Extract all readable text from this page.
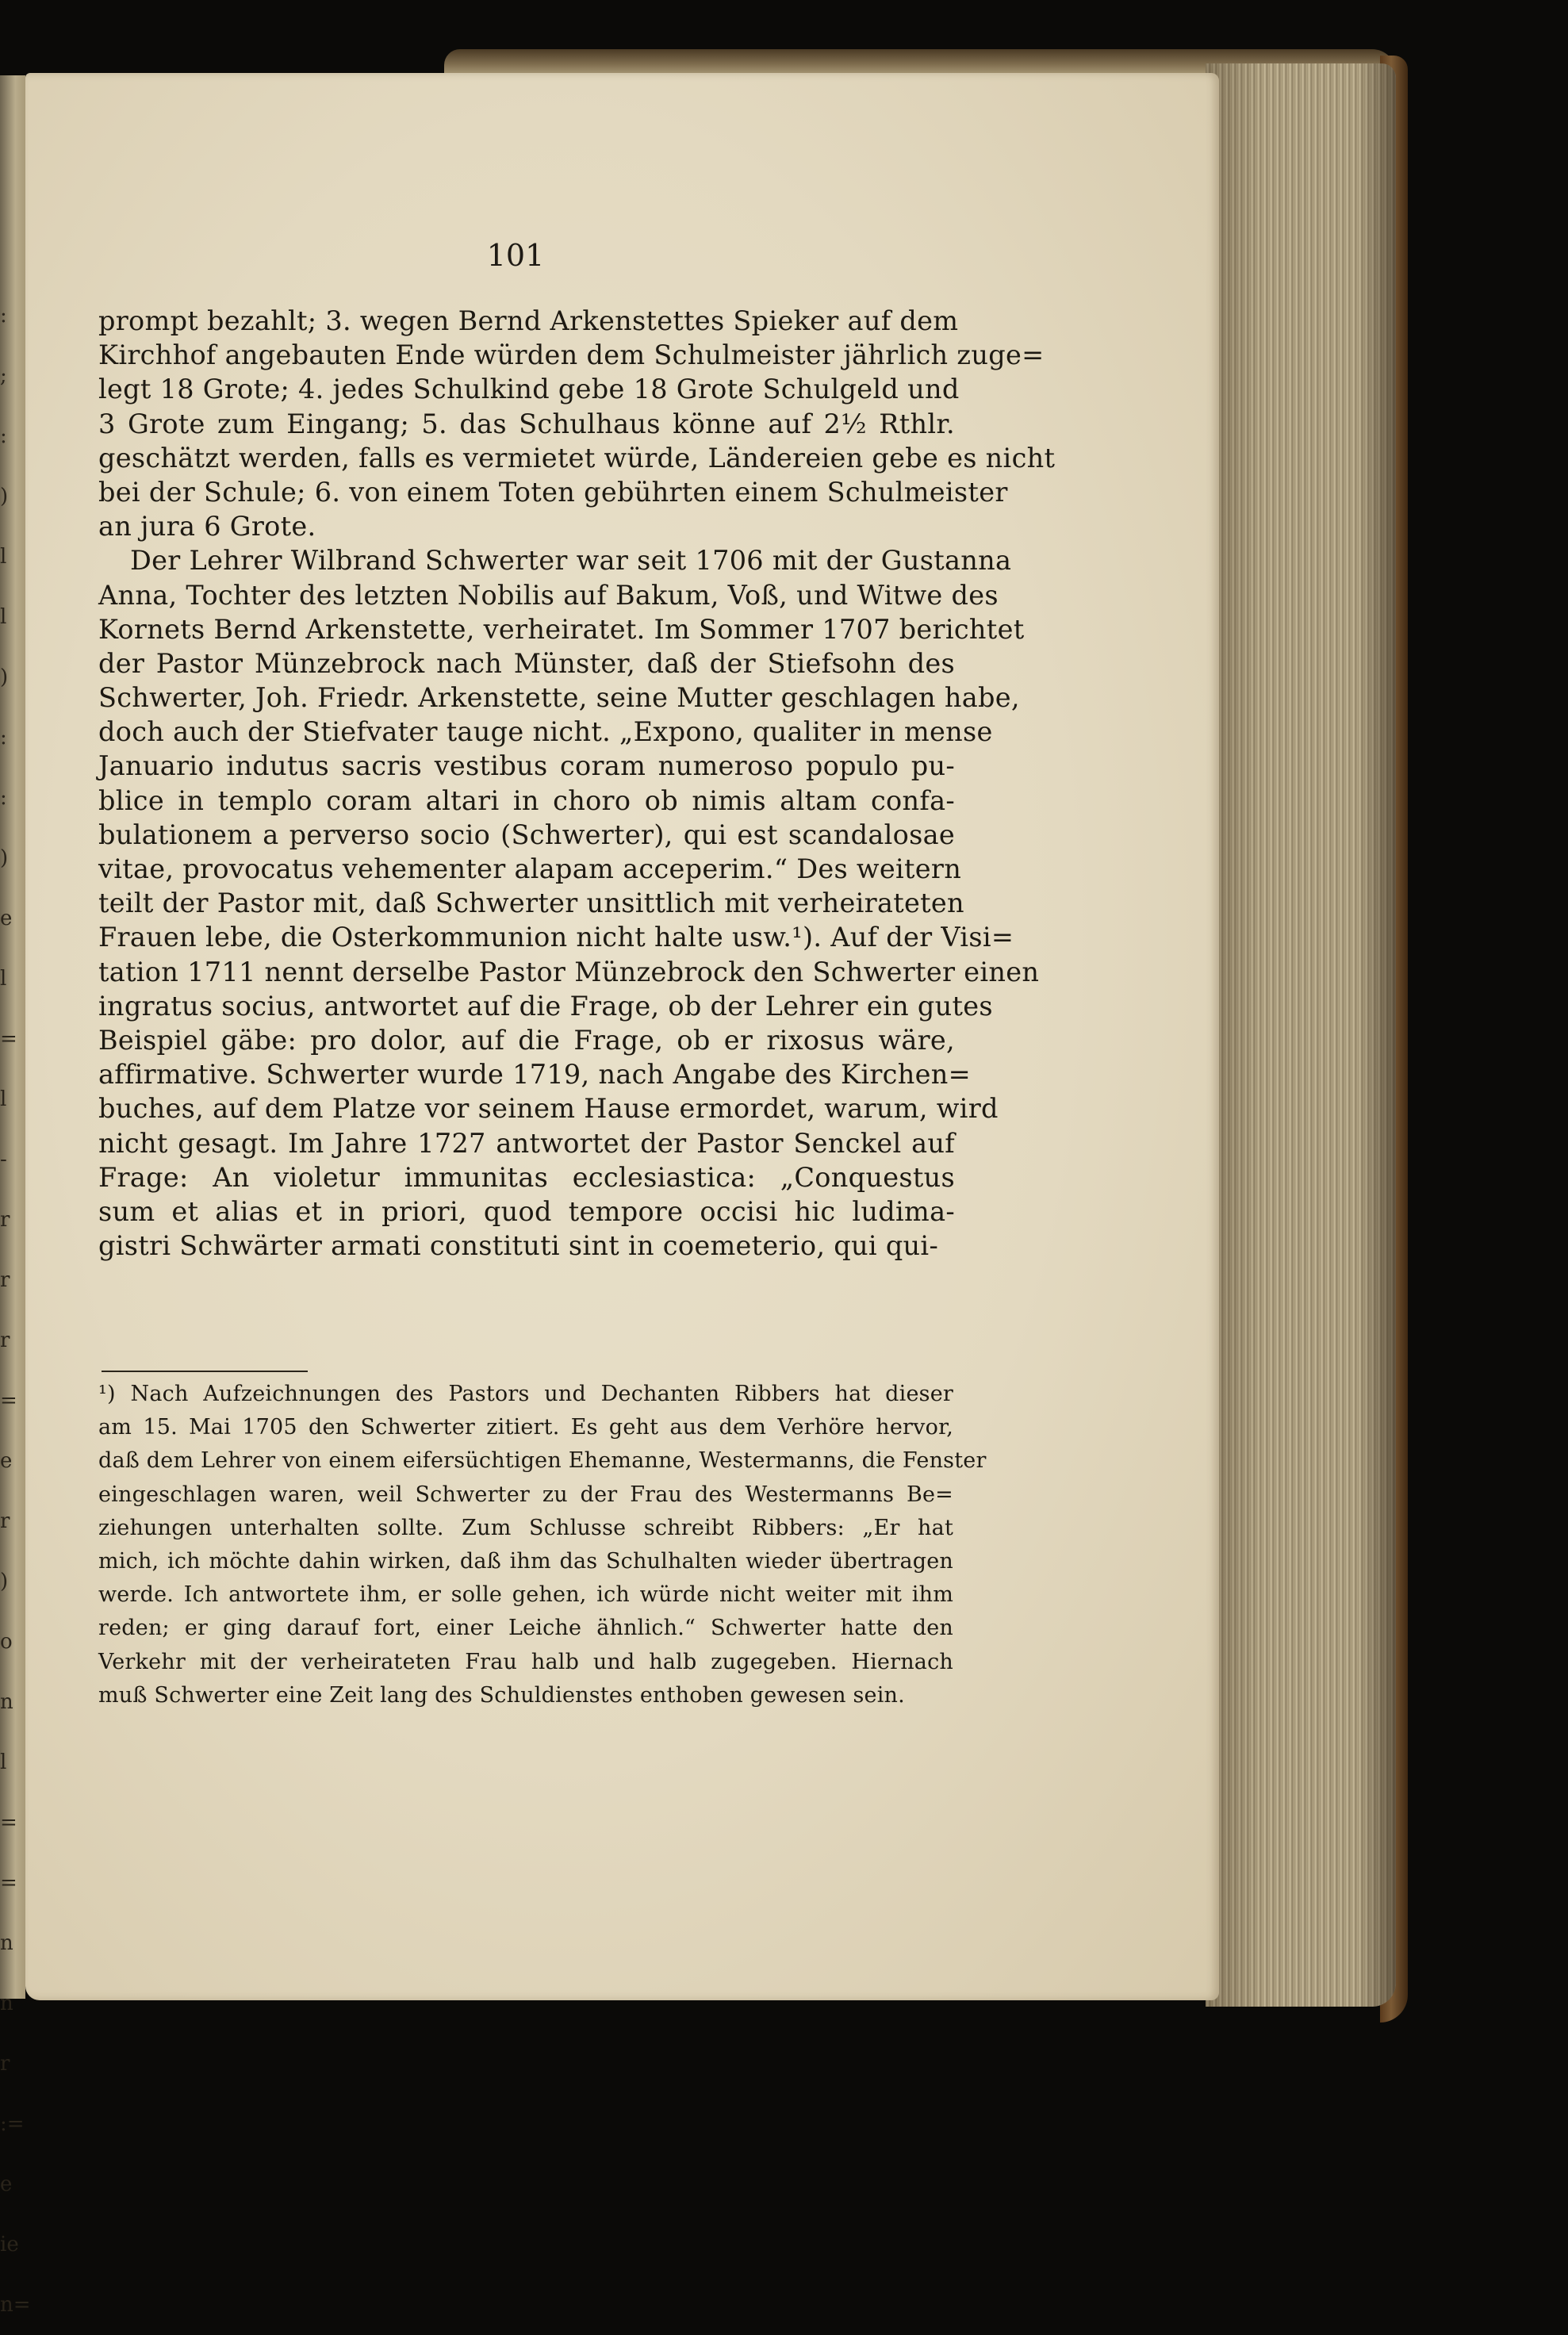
:
;
:
)
l
l
)
:
:
)
e
l
=
l
-
r
r
r
=
e
r
)
o
n
l
=
=
n
n
r
:=
e
ie
n=
101
prompt bezahlt; 3. wegen Bernd Arkenstettes Spieker auf dem
Kirchhof angebauten Ende würden dem Schulmeister jährlich zuge=
legt 18 Grote; 4. jedes Schulkind gebe 18 Grote Schulgeld und
3 Grote zum Eingang; 5. das Schulhaus könne auf 2½ Rthlr.
geschätzt werden, falls es vermietet würde, Ländereien gebe es nicht
bei der Schule; 6. von einem Toten gebührten einem Schulmeister
an jura 6 Grote.
Der Lehrer Wilbrand Schwerter war seit 1706 mit der Gustanna
Anna, Tochter des letzten Nobilis auf Bakum, Voß, und Witwe des
Kornets Bernd Arkenstette, verheiratet. Im Sommer 1707 berichtet
der Pastor Münzebrock nach Münster, daß der Stiefsohn des
Schwerter, Joh. Friedr. Arkenstette, seine Mutter geschlagen habe,
doch auch der Stiefvater tauge nicht. „Expono, qualiter in mense
Januario indutus sacris vestibus coram numeroso populo pu-
blice in templo coram altari in choro ob nimis altam confa-
bulationem a perverso socio (Schwerter), qui est scandalosae
vitae, provocatus vehementer alapam acceperim.“ Des weitern
teilt der Pastor mit, daß Schwerter unsittlich mit verheirateten
Frauen lebe, die Osterkommunion nicht halte usw.¹). Auf der Visi=
tation 1711 nennt derselbe Pastor Münzebrock den Schwerter einen
ingratus socius, antwortet auf die Frage, ob der Lehrer ein gutes
Beispiel gäbe: pro dolor, auf die Frage, ob er rixosus wäre,
affirmative. Schwerter wurde 1719, nach Angabe des Kirchen=
buches, auf dem Platze vor seinem Hause ermordet, warum, wird
nicht gesagt. Im Jahre 1727 antwortet der Pastor Senckel auf
Frage: An violetur immunitas ecclesiastica: „Conquestus
sum et alias et in priori, quod tempore occisi hic ludima-
gistri Schwärter armati constituti sint in coemeterio, qui qui-
¹) Nach Aufzeichnungen des Pastors und Dechanten Ribbers hat dieser
am 15. Mai 1705 den Schwerter zitiert. Es geht aus dem Verhöre hervor,
daß dem Lehrer von einem eifersüchtigen Ehemanne, Westermanns, die Fenster
eingeschlagen waren, weil Schwerter zu der Frau des Westermanns Be=
ziehungen unterhalten sollte. Zum Schlusse schreibt Ribbers: „Er hat
mich, ich möchte dahin wirken, daß ihm das Schulhalten wieder übertragen
werde. Ich antwortete ihm, er solle gehen, ich würde nicht weiter mit ihm
reden; er ging darauf fort, einer Leiche ähnlich.“ Schwerter hatte den
Verkehr mit der verheirateten Frau halb und halb zugegeben. Hiernach
muß Schwerter eine Zeit lang des Schuldienstes enthoben gewesen sein.
